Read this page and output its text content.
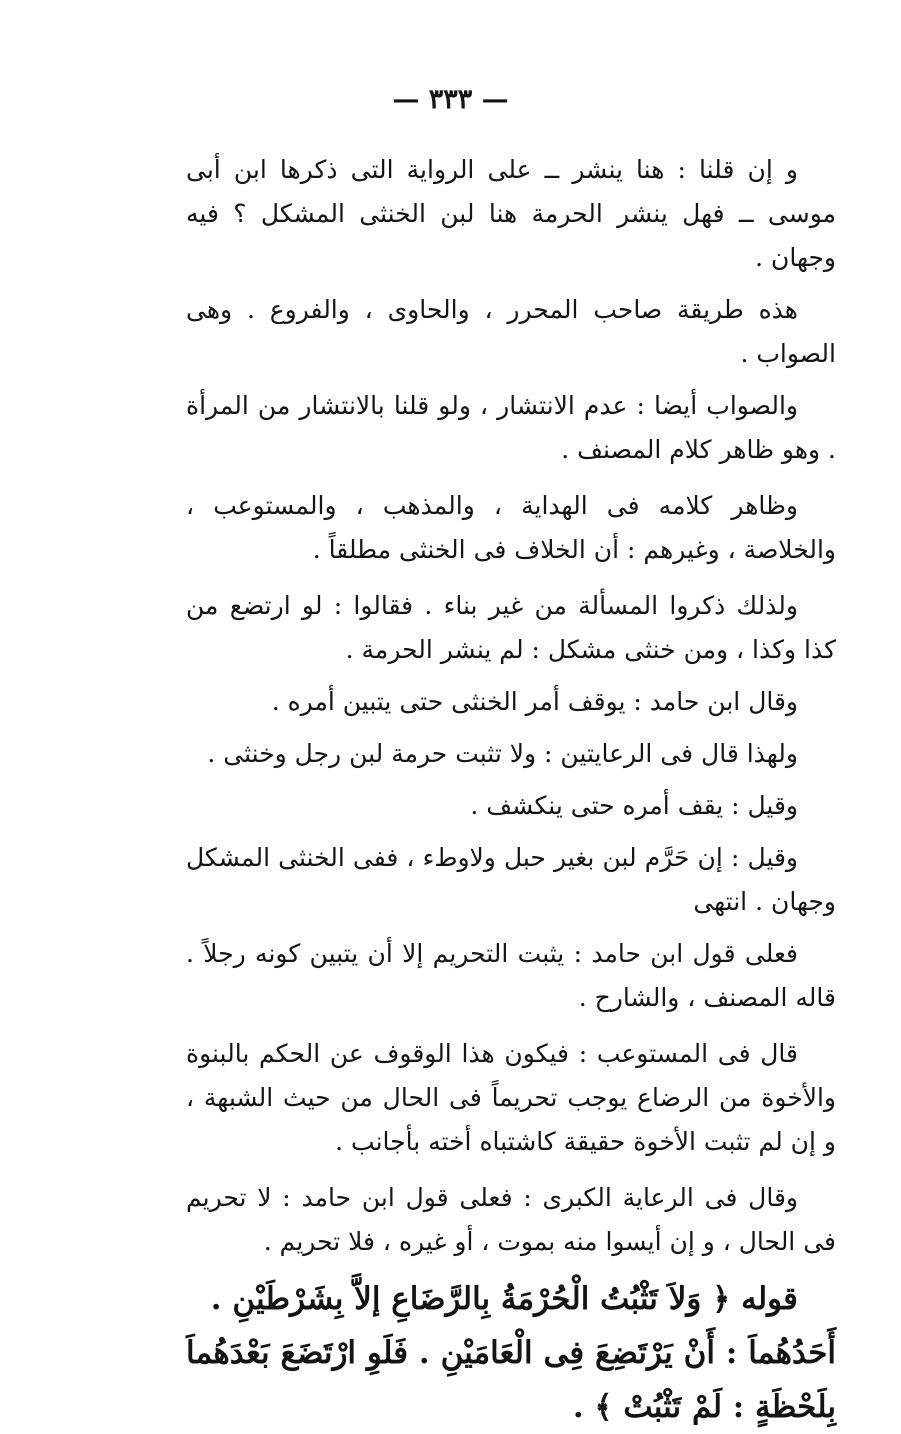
— ٣٣٣ —

و إن قلنا : هنا ينشر ــ على الرواية التى ذكرها ابن أبى موسى ــ فهل ينشر الحرمة هنا لبن الخنثى المشكل ؟ فيه وجهان .

هذه طريقة صاحب المحرر ، والحاوى ، والفروع . وهى الصواب .

والصواب أيضا : عدم الانتشار ، ولو قلنا بالانتشار من المرأة . وهو ظاهر كلام المصنف .

وظاهر كلامه فى الهداية ، والمذهب ، والمستوعب ، والخلاصة ، وغيرهم : أن الخلاف فى الخنثى مطلقاً .

ولذلك ذكروا المسألة من غير بناء . فقالوا : لو ارتضع من كذا وكذا ، ومن خنثى مشكل : لم ينشر الحرمة .

وقال ابن حامد : يوقف أمر الخنثى حتى يتبين أمره .

ولهذا قال فى الرعايتين : ولا تثبت حرمة لبن رجل وخنثى .

وقيل : يقف أمره حتى ينكشف .

وقيل : إن حَرَّم لبن بغير حبل ولاوطء ، ففى الخنثى المشكل وجهان . انتهى

فعلى قول ابن حامد : يثبت التحريم إلا أن يتبين كونه رجلاً . قاله المصنف ، والشارح .

قال فى المستوعب : فيكون هذا الوقوف عن الحكم بالبنوة والأخوة من الرضاع يوجب تحريماً فى الحال من حيث الشبهة ، و إن لم تثبت الأخوة حقيقة كاشتباه أخته بأجانب .

وقال فى الرعاية الكبرى : فعلى قول ابن حامد : لا تحريم فى الحال ، و إن أيسوا منه بموت ، أو غيره ، فلا تحريم .

قوله ﴿ وَلاَ تَثْبُتُ الْحُرْمَةُ بِالرَّضَاعِ إلاَّ بِشَرْطَيْنِ .

أَحَدُهُماَ : أَنْ يَرْتَضِعَ فِى الْعَامَيْنِ . فَلَوِ ارْتَضَعَ بَعْدَهُماَ بِلَحْظَةٍ : لَمْ تَثْبُتْ ﴾ .
